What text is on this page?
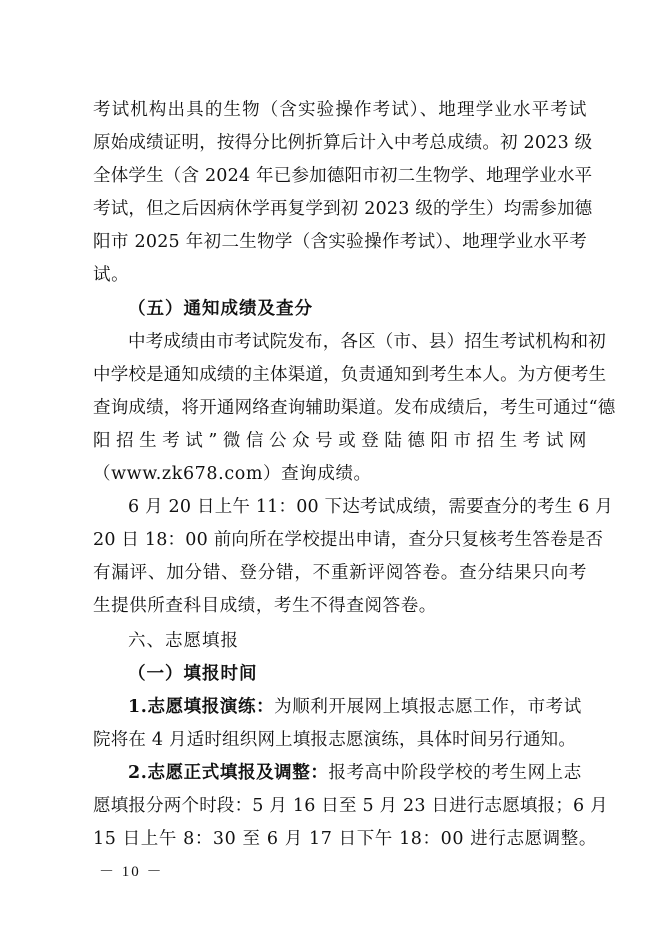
考试机构出具的生物（含实验操作考试）、地理学业水平考试
原始成绩证明，按得分比例折算后计入中考总成绩。初 2023 级
全体学生（含 2024 年已参加德阳市初二生物学、地理学业水平
考试，但之后因病休学再复学到初 2023 级的学生）均需参加德
阳市 2025 年初二生物学（含实验操作考试）、地理学业水平考
试。
（五）通知成绩及查分
中考成绩由市考试院发布，各区（市、县）招生考试机构和初
中学校是通知成绩的主体渠道，负责通知到考生本人。为方便考生
查询成绩，将开通网络查询辅助渠道。发布成绩后，考生可通过“德
阳招生考试”微信公众号或登陆德阳市招生考试网
（www.zk678.com）查询成绩。
6 月 20 日上午 11：00 下达考试成绩，需要查分的考生 6 月
20 日 18：00 前向所在学校提出申请，查分只复核考生答卷是否
有漏评、加分错、登分错，不重新评阅答卷。查分结果只向考
生提供所查科目成绩，考生不得查阅答卷。
六、志愿填报
（一）填报时间
1.志愿填报演练：为顺利开展网上填报志愿工作，市考试
院将在 4 月适时组织网上填报志愿演练，具体时间另行通知。
2.志愿正式填报及调整：报考高中阶段学校的考生网上志
愿填报分两个时段：5 月 16 日至 5 月 23 日进行志愿填报；6 月
15 日上午 8：30 至 6 月 17 日下午 18：00 进行志愿调整。
－ 10 －
